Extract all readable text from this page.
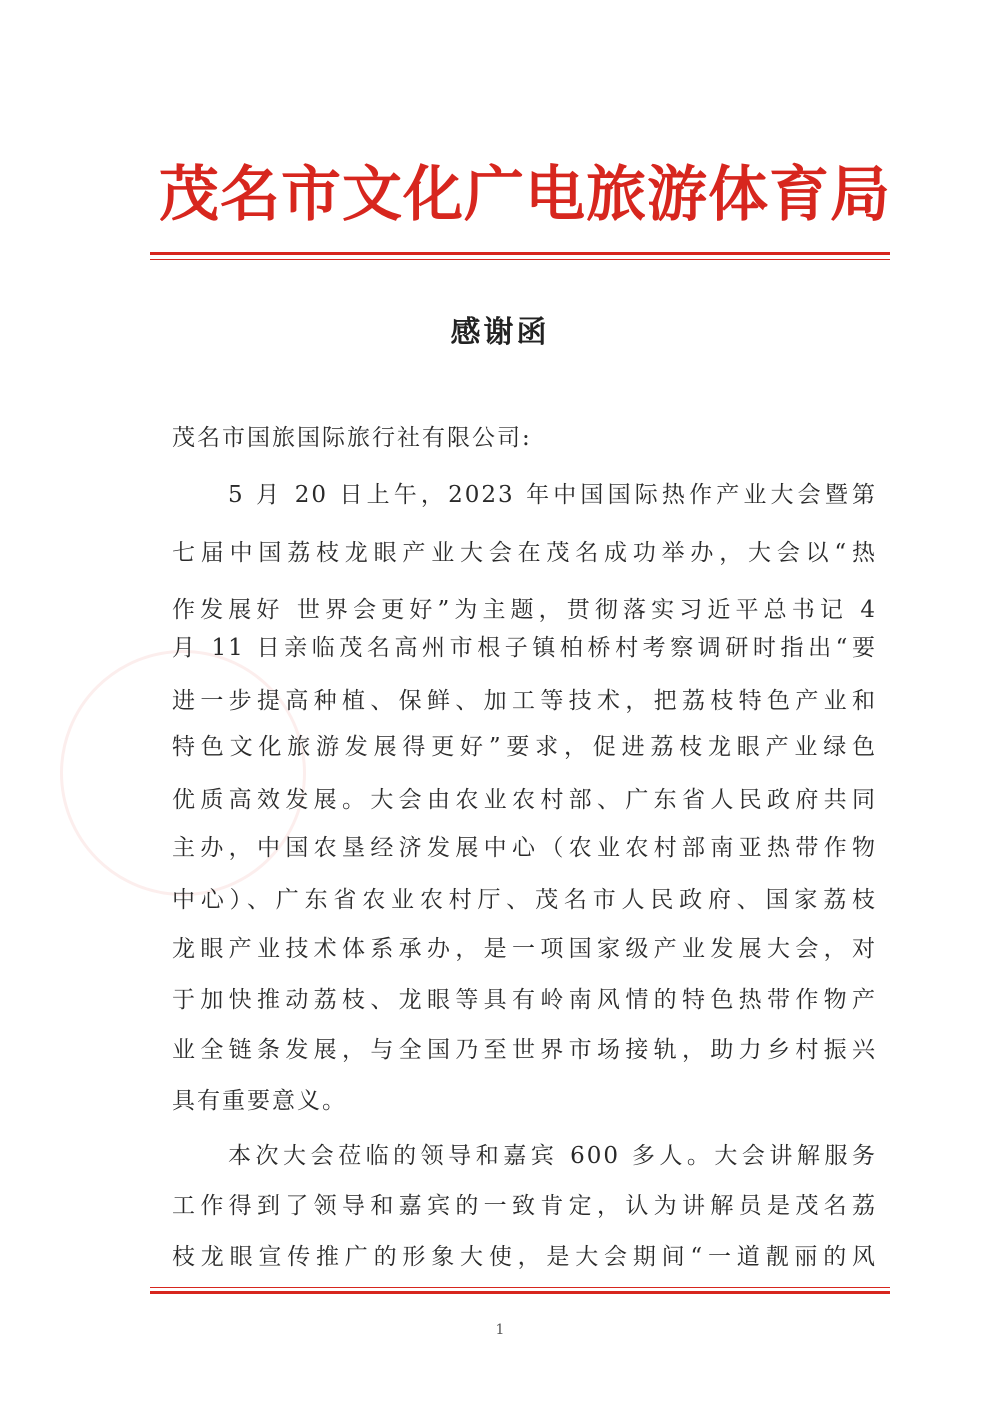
茂名市文化广电旅游体育局
感谢函
茂名市国旅国际旅行社有限公司:
5 月 20 日上午，2023 年中国国际热作产业大会暨第
七届中国荔枝龙眼产业大会在茂名成功举办，大会以“热
作发展好 世界会更好”为主题，贯彻落实习近平总书记 4
月 11 日亲临茂名高州市根子镇柏桥村考察调研时指出“要
进一步提高种植、保鲜、加工等技术，把荔枝特色产业和
特色文化旅游发展得更好”要求，促进荔枝龙眼产业绿色
优质高效发展。大会由农业农村部、广东省人民政府共同
主办，中国农垦经济发展中心（农业农村部南亚热带作物
中心）、广东省农业农村厅、茂名市人民政府、国家荔枝
龙眼产业技术体系承办，是一项国家级产业发展大会，对
于加快推动荔枝、龙眼等具有岭南风情的特色热带作物产
业全链条发展，与全国乃至世界市场接轨，助力乡村振兴
具有重要意义。
本次大会莅临的领导和嘉宾 600 多人。大会讲解服务
工作得到了领导和嘉宾的一致肯定，认为讲解员是茂名荔
枝龙眼宣传推广的形象大使，是大会期间“一道靓丽的风
1
